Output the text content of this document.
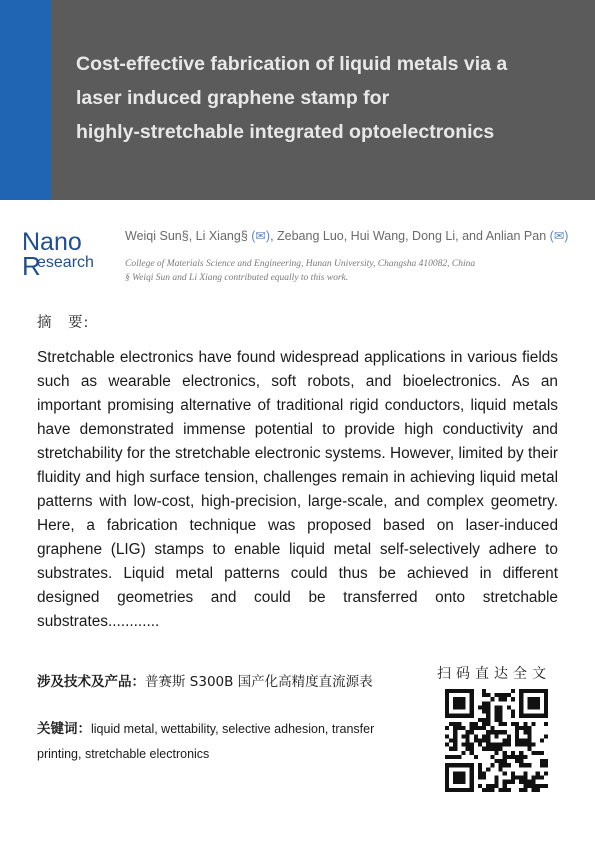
Cost-effective fabrication of liquid metals via a
laser induced graphene stamp for
highly-stretchable integrated optoelectronics
Nano
R
esearch
Weiqi Sun§, Li Xiang§ (✉), Zebang Luo, Hui Wang, Dong Li, and Anlian Pan (✉)
College of Materials Science and Engineering, Hunan University, Changsha 410082, China
§ Weiqi Sun and Li Xiang contributed equally to this work.
摘　要:
Stretchable electronics have found widespread applications in various fields such as wearable electronics, soft robots, and bioelectronics. As an important promising alternative of traditional rigid conductors, liquid metals have demonstrated immense potential to provide high conductivity and stretchability for the stretchable electronic systems. However, limited by their fluidity and high surface tension, challenges remain in achieving liquid metal patterns with low-cost, high-precision, large-scale, and complex geometry. Here, a fabrication technique was proposed based on laser-induced graphene (LIG) stamps to enable liquid metal self-selectively adhere to substrates. Liquid metal patterns could thus be achieved in different designed geometries and could be transferred onto stretchable substrates............
涉及技术及产品：普赛斯 S300B 国产化高精度直流源表
关键词：liquid metal, wettability, selective adhesion, transfer printing, stretchable electronics
扫码直达全文
